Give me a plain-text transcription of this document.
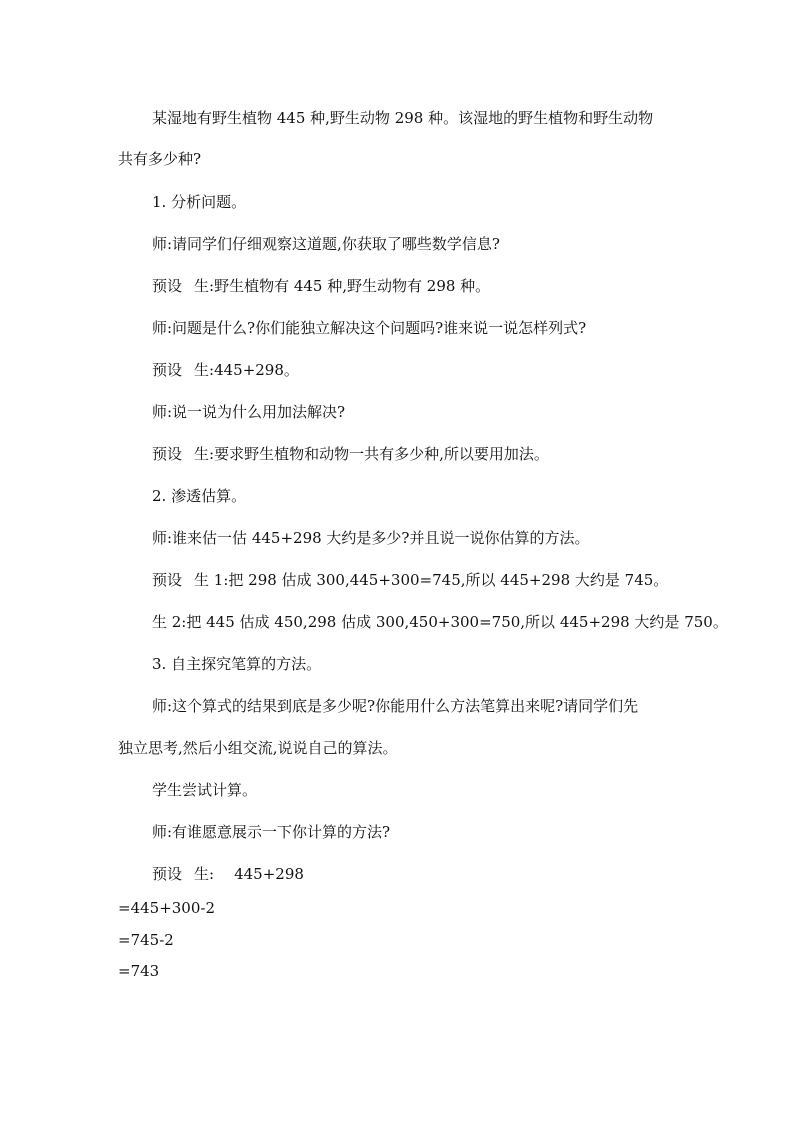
某湿地有野生植物 445 种,野生动物 298 种。该湿地的野生植物和野生动物

共有多少种?

1. 分析问题。

师:请同学们仔细观察这道题,你获取了哪些数学信息?

预设 生:野生植物有 445 种,野生动物有 298 种。

师:问题是什么?你们能独立解决这个问题吗?谁来说一说怎样列式?

预设 生:445+298。

师:说一说为什么用加法解决?

预设 生:要求野生植物和动物一共有多少种,所以要用加法。

2. 渗透估算。

师:谁来估一估 445+298 大约是多少?并且说一说你估算的方法。

预设 生 1:把 298 估成 300,445+300=745,所以 445+298 大约是 745。

生 2:把 445 估成 450,298 估成 300,450+300=750,所以 445+298 大约是 750。

3. 自主探究笔算的方法。

师:这个算式的结果到底是多少呢?你能用什么方法笔算出来呢?请同学们先

独立思考,然后小组交流,说说自己的算法。

学生尝试计算。

师:有谁愿意展示一下你计算的方法?

预设 生: 445+298

=445+300-2

=745-2

=743
